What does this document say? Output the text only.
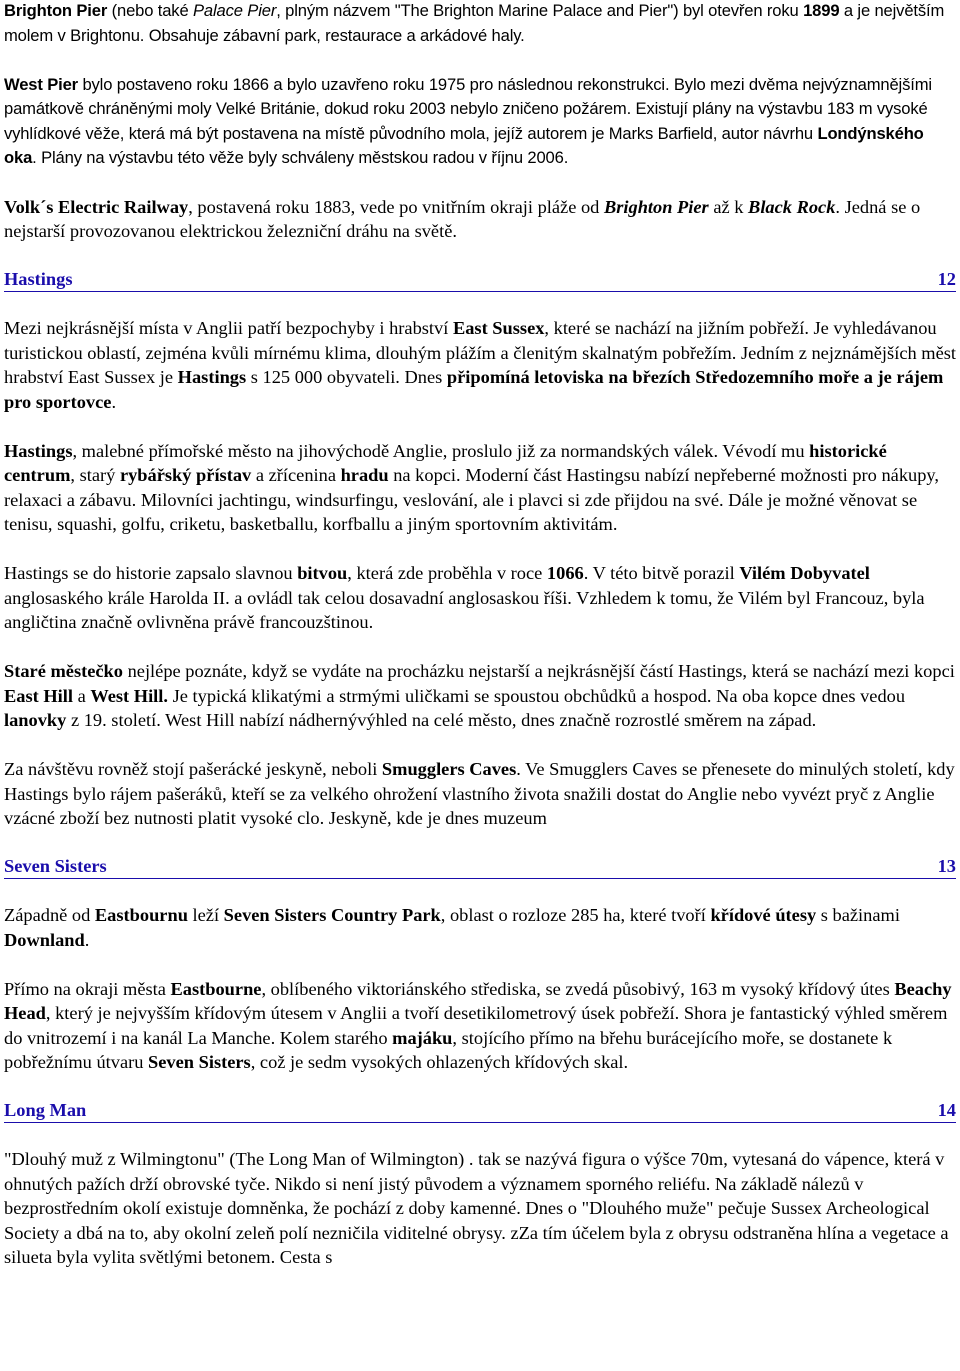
Brighton Pier (nebo také Palace Pier, plným názvem "The Brighton Marine Palace and Pier") byl otevřen roku 1899 a je největším molem v Brightonu. Obsahuje zábavní park, restaurace a arkádové haly.

West Pier bylo postaveno roku 1866 a bylo uzavřeno roku 1975 pro následnou rekonstrukci. Bylo mezi dvěma nejvýznamnějšími památkově chráněnými moly Velké Británie, dokud roku 2003 nebylo zničeno požárem. Existují plány na výstavbu 183 m vysoké vyhlídkové věže, která má být postavena na místě původního mola, jejíž autorem je Marks Barfield, autor návrhu Londýnského oka. Plány na výstavbu této věže byly schváleny městskou radou v říjnu 2006.

Volk´s Electric Railway, postavená roku 1883, vede po vnitřním okraji pláže od Brighton Pier až k Black Rock. Jedná se o nejstarší provozovanou elektrickou železniční dráhu na světě.

Hastings	12

Mezi nejkrásnější místa v Anglii patří bezpochyby i hrabství East Sussex, které se nachází na jižním pobřeží. Je vyhledávanou turistickou oblastí, zejména kvůli mírnému klima, dlouhým plážím a členitým skalnatým pobřežím. Jedním z nejznámějších měst hrabství East Sussex je Hastings s 125 000 obyvateli. Dnes připomíná letoviska na březích Středozemního moře a je rájem pro sportovce.

Hastings, malebné přímořské město na jihovýchodě Anglie, proslulo již za normandských válek. Vévodí mu historické centrum, starý rybářský přístav a zřícenina hradu na kopci. Moderní část Hastingsu nabízí nepřeberné možnosti pro nákupy, relaxaci a zábavu. Milovníci jachtingu, windsurfingu, veslování, ale i plavci si zde přijdou na své. Dále je možné věnovat se tenisu, squashi, golfu, criketu, basketballu, korfballu a jiným sportovním aktivitám.

Hastings se do historie zapsalo slavnou bitvou, která zde proběhla v roce 1066. V této bitvě porazil Vilém Dobyvatel anglosaského krále Harolda II. a ovládl tak celou dosavadní anglosaskou říši. Vzhledem k tomu, že Vilém byl Francouz, byla angličtina značně ovlivněna právě francouzštinou.

Staré městečko nejlépe poznáte, když se vydáte na procházku nejstarší a nejkrásnější částí Hastings, která se nachází mezi kopci East Hill a West Hill. Je typická klikatými a strmými uličkami se spoustou obchůdků a hospod. Na oba kopce dnes vedou lanovky z 19. století. West Hill nabízí nádhernývýhled na celé město, dnes značně rozrostlé směrem na západ.

Za návštěvu rovněž stojí pašerácké jeskyně, neboli Smugglers Caves. Ve Smugglers Caves se přenesete do minulých století, kdy Hastings bylo rájem pašeráků, kteří se za velkého ohrožení vlastního života snažili dostat do Anglie nebo vyvézt pryč z Anglie vzácné zboží bez nutnosti platit vysoké clo. Jeskyně, kde je dnes muzeum

Seven Sisters	13

Západně od Eastbournu leží Seven Sisters Country Park, oblast o rozloze 285 ha, které tvoří křídové útesy s bažinami Downland.

Přímo na okraji města Eastbourne, oblíbeného viktoriánského střediska, se zvedá působivý, 163 m vysoký křídový útes Beachy Head, který je nejvyšším křídovým útesem v Anglii a tvoří desetikilometrový úsek pobřeží. Shora je fantastický výhled směrem do vnitrozemí i na kanál La Manche. Kolem starého majáku, stojícího přímo na břehu burácejícího moře, se dostanete k pobřežnímu útvaru Seven Sisters, což je sedm vysokých ohlazených křídových skal.

Long Man	14

"Dlouhý muž z Wilmingtonu" (The Long Man of Wilmington) . tak se nazývá figura o výšce 70m, vytesaná do vápence, která v ohnutých pažích drží obrovské tyče. Nikdo si není jistý původem a významem sporného reliéfu. Na základě nálezů v bezprostředním okolí existuje domněnka, že pochází z doby kamenné. Dnes o "Dlouhého muže" pečuje Sussex Archeological Society a dbá na to, aby okolní zeleň polí nezničila viditelné obrysy. zZa tím účelem byla z obrysu odstraněna hlína a vegetace a silueta byla vylita světlými betonem. Cesta s
